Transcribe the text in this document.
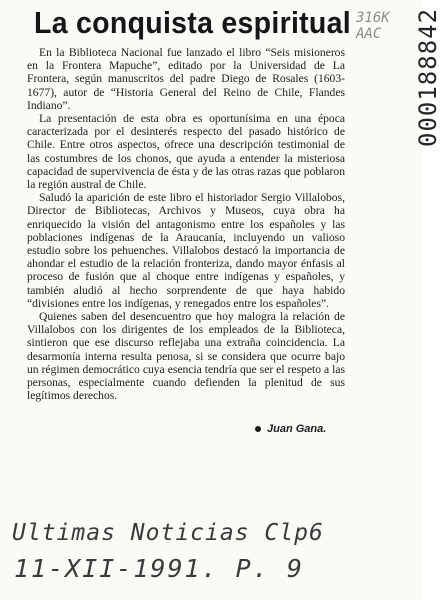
La conquista espiritual

En la Biblioteca Nacional fue lanzado el libro “Seis misioneros en la Frontera Mapuche”, editado por la Universidad de La Frontera, según manuscritos del padre Diego de Rosales (1603-1677), autor de “Historia General del Reino de Chile, Flandes Indiano”.

La presentación de esta obra es oportunísima en una época caracterizada por el desinterés respecto del pasado histórico de Chile. Entre otros aspectos, ofrece una descripción testimonial de las costumbres de los chonos, que ayuda a entender la misteriosa capacidad de supervivencia de ésta y de las otras razas que poblaron la región austral de Chile.

Saludó la aparición de este libro el historiador Sergio Villalobos, Director de Bibliotecas, Archivos y Museos, cuya obra ha enriquecido la visión del antagonismo entre los españoles y las poblaciones indígenas de la Araucanía, incluyendo un valioso estudio sobre los pehuenches. Villalobos destacó la importancia de ahondar el estudio de la relación fronteriza, dando mayor énfasis al proceso de fusión que al choque entre indígenas y españoles, y también aludió al hecho sorprendente de que haya habido “divisiones entre los indígenas, y renegados entre los españoles”.

Quienes saben del desencuentro que hoy malogra la relación de Villalobos con los dirigentes de los empleados de la Biblioteca, sintieron que ese discurso reflejaba una extraña coincidencia. La desarmonía interna resulta penosa, si se considera que ocurre bajo un régimen democrático cuya esencia tendría que ser el respeto a las personas, especialmente cuando defienden la plenitud de sus legítimos derechos.

Juan Gana.
316K
AAC	000188842
Ultimas Noticias Clp6
11-XII-1991. P. 9
